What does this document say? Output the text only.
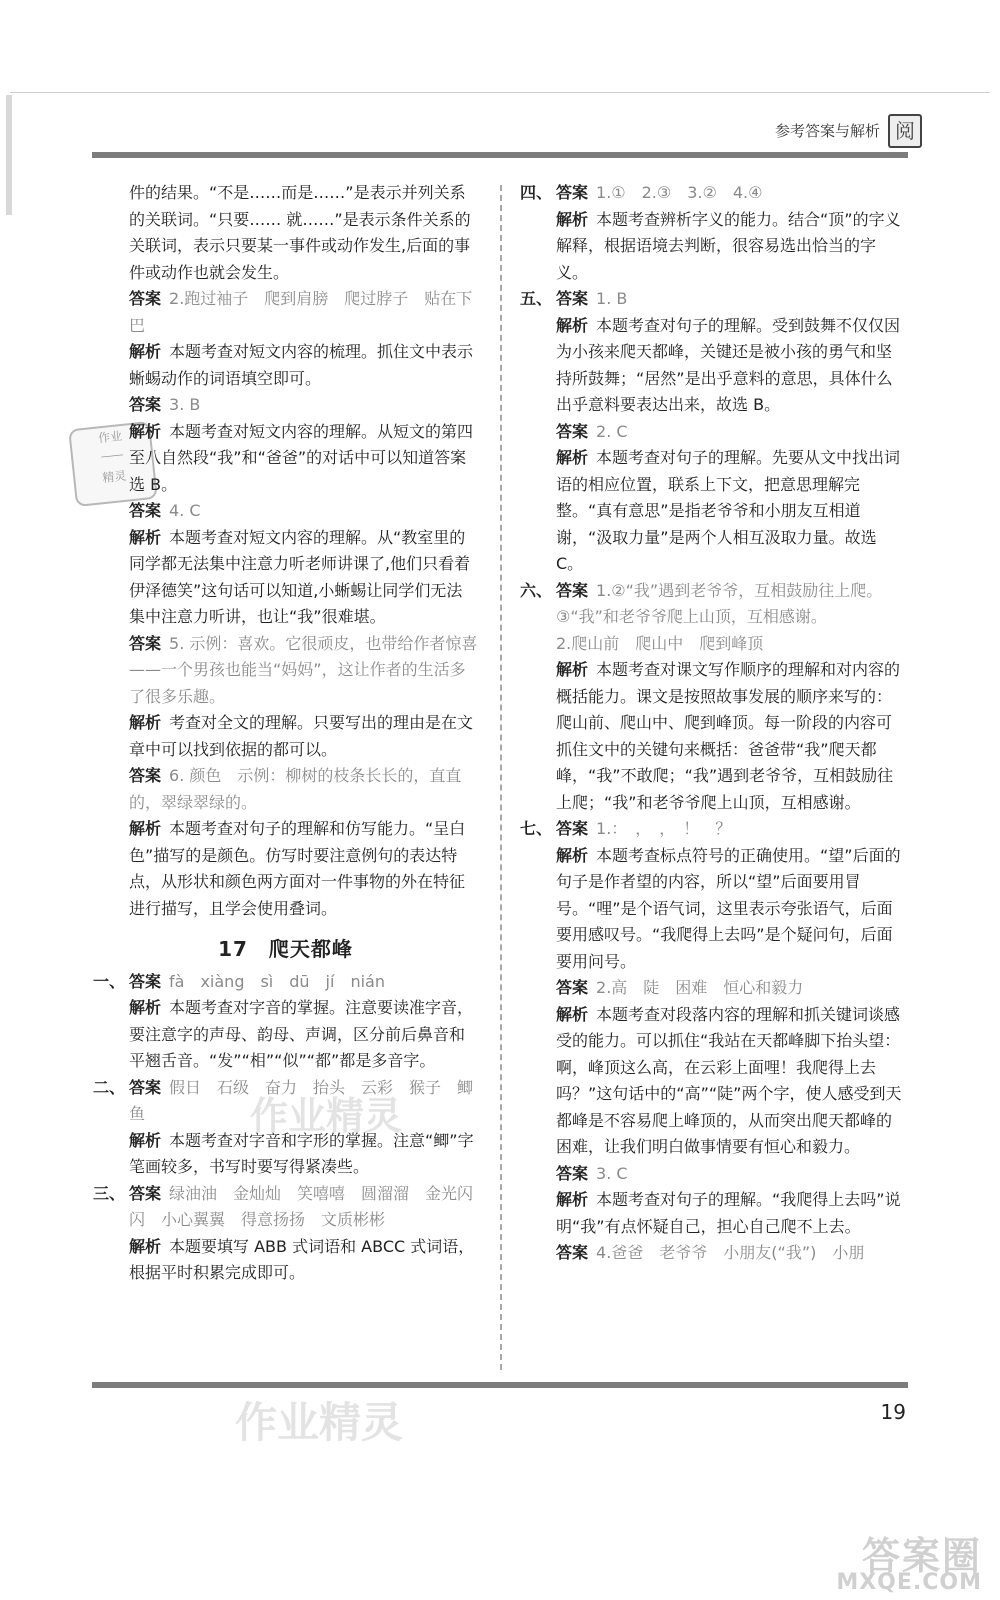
参考答案与解析 阅
作业
────
精灵

件的结果。“不是……而是……”是表示并列关系的关联词。“只要…… 就……”是表示条件关系的关联词，表示只要某一事件或动作发生,后面的事件或动作也就会发生。

答案 2.跑过袖子　爬到肩膀　爬过脖子　贴在下巴

解析 本题考查对短文内容的梳理。抓住文中表示蜥蜴动作的词语填空即可。

答案 3. B

解析 本题考查对短文内容的理解。从短文的第四至八自然段“我”和“爸爸”的对话中可以知道答案选 B。

答案 4. C

解析 本题考查对短文内容的理解。从“教室里的同学都无法集中注意力听老师讲课了,他们只看着伊泽德笑”这句话可以知道,小蜥蜴让同学们无法集中注意力听讲，也让“我”很难堪。

答案 5. 示例：喜欢。它很顽皮，也带给作者惊喜——一个男孩也能当“妈妈”，这让作者的生活多了很多乐趣。

解析 考查对全文的理解。只要写出的理由是在文章中可以找到依据的都可以。

答案 6. 颜色　示例：柳树的枝条长长的，直直的，翠绿翠绿的。

解析 本题考查对句子的理解和仿写能力。“呈白色”描写的是颜色。仿写时要注意例句的表达特点，从形状和颜色两方面对一件事物的外在特征进行描写，且学会使用叠词。

17　爬天都峰

一、 答案 fà　xiàng　sì　dū　jí　nián

解析 本题考查对字音的掌握。注意要读准字音，要注意字的声母、韵母、声调，区分前后鼻音和平翘舌音。“发”“相”“似”“都”都是多音字。

二、 答案 假日　石级　奋力　抬头　云彩　猴子　鲫鱼

解析 本题考查对字音和字形的掌握。注意“鲫”字笔画较多，书写时要写得紧凑些。

三、 答案 绿油油　金灿灿　笑嘻嘻　圆溜溜　金光闪闪　小心翼翼　得意扬扬　文质彬彬

解析 本题要填写 ABB 式词语和 ABCC 式词语，根据平时积累完成即可。

四、 答案 1.①　2.③　3.②　4.④

解析 本题考查辨析字义的能力。结合“顶”的字义解释，根据语境去判断，很容易选出恰当的字义。

五、 答案 1. B

解析 本题考查对句子的理解。受到鼓舞不仅仅因为小孩来爬天都峰，关键还是被小孩的勇气和坚持所鼓舞；“居然”是出乎意料的意思，具体什么出乎意料要表达出来，故选 B。

答案 2. C

解析 本题考查对句子的理解。先要从文中找出词语的相应位置，联系上下文，把意思理解完整。“真有意思”是指老爷爷和小朋友互相道谢，“汲取力量”是两个人相互汲取力量。故选 C。

六、 答案 1.②“我”遇到老爷爷，互相鼓励往上爬。

③“我”和老爷爷爬上山顶，互相感谢。

2.爬山前　爬山中　爬到峰顶

解析 本题考查对课文写作顺序的理解和对内容的概括能力。课文是按照故事发展的顺序来写的：爬山前、爬山中、爬到峰顶。每一阶段的内容可抓住文中的关键句来概括：爸爸带“我”爬天都峰，“我”不敢爬；“我”遇到老爷爷，互相鼓励往上爬；“我”和老爷爷爬上山顶，互相感谢。

七、 答案 1.：　，　，　！　？

解析 本题考查标点符号的正确使用。“望”后面的句子是作者望的内容，所以“望”后面要用冒号。“哩”是个语气词，这里表示夸张语气，后面要用感叹号。“我爬得上去吗”是个疑问句，后面要用问号。

答案 2.高　陡　困难　恒心和毅力

解析 本题考查对段落内容的理解和抓关键词谈感受的能力。可以抓住“我站在天都峰脚下抬头望：啊，峰顶这么高，在云彩上面哩！我爬得上去吗？”这句话中的“高”“陡”两个字，使人感受到天都峰是不容易爬上峰顶的，从而突出爬天都峰的困难，让我们明白做事情要有恒心和毅力。

答案 3. C

解析 本题考查对句子的理解。“我爬得上去吗”说明“我”有点怀疑自己，担心自己爬不上去。

答案 4.爸爸　老爷爷　小朋友(“我”)　小朋

作业精灵
作业精灵	19
答案圈
MXQE.COM
